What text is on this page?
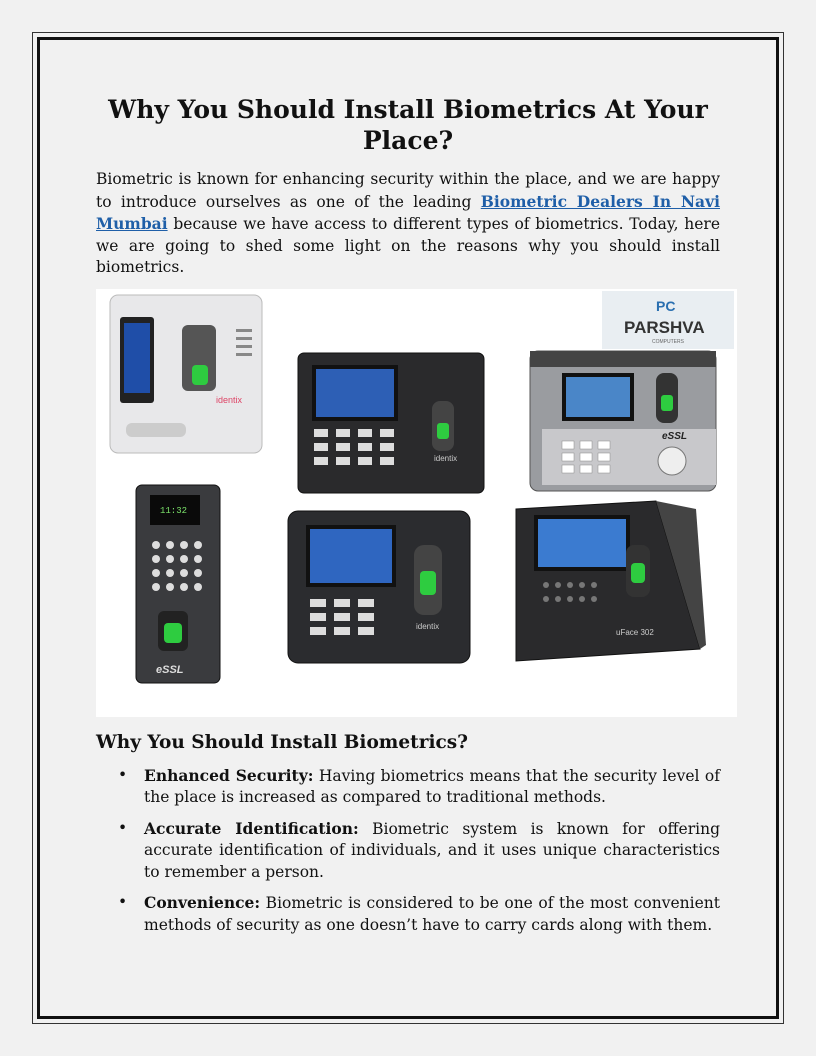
Why You Should Install Biometrics At Your Place?

Biometric is known for enhancing security within the place, and we are happy to introduce ourselves as one of the leading Biometric Dealers In Navi Mumbai because we have access to different types of biometrics. Today, here we are going to shed some light on the reasons why you should install biometrics.

identix
identix
PC
PARSHVA
COMPUTERS
eSSL
11:32
eSSL
identix
uFace 302
Why You Should Install Biometrics?
• Enhanced Security: Having biometrics means that the security level of the place is increased as compared to traditional methods.
• Accurate Identification: Biometric system is known for offering accurate identification of individuals, and it uses unique characteristics to remember a person.
• Convenience: Biometric is considered to be one of the most convenient methods of security as one doesn’t have to carry cards along with them.
